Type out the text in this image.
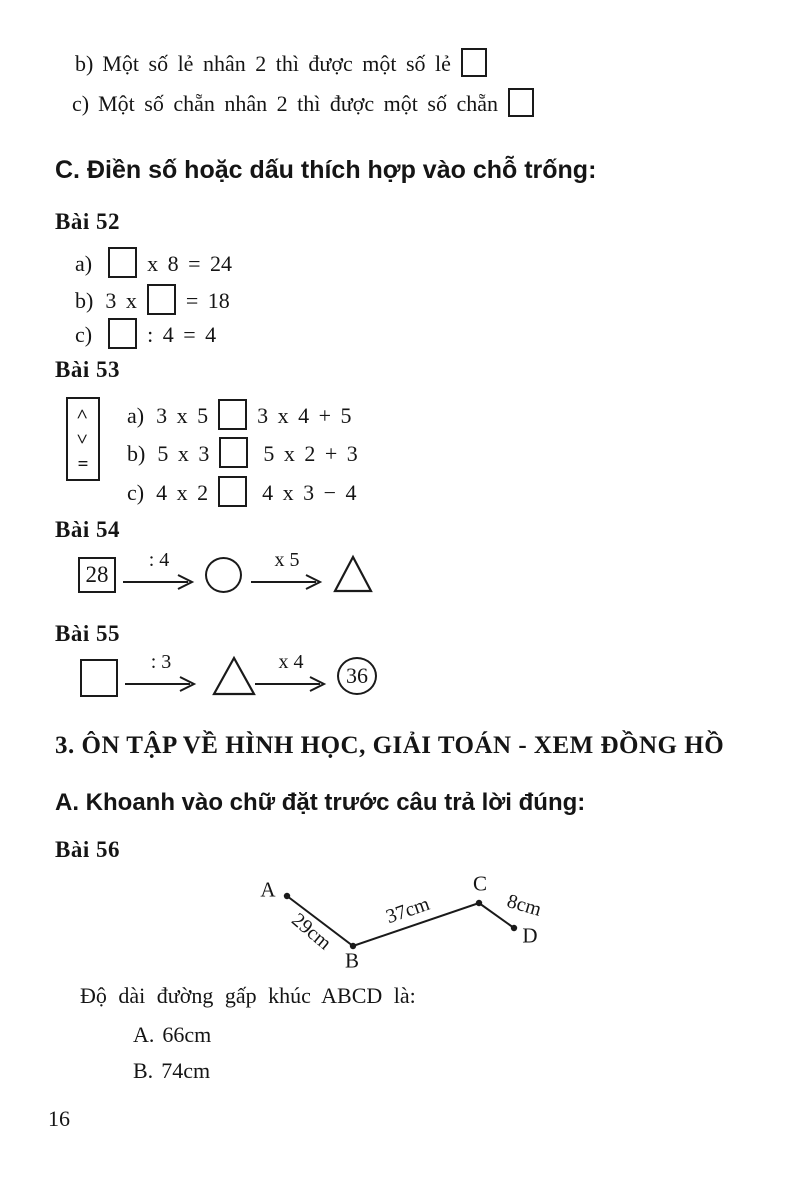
b) Một số lẻ nhân 2 thì được một số lẻ
c) Một số chẵn nhân 2 thì được một số chẵn
C. Điền số hoặc dấu thích hợp vào chỗ trống:
Bài 52
a)	x 8 = 24
b) 3 x = 18
c)	: 4 = 4
Bài 53
>
<
=
a) 3 x 5 3 x 4 + 5
b) 5 x 3 5 x 2 + 3
c) 4 x 2 4 x 3 − 4
Bài 54
28
: 4	x 5
Bài 55
: 3	x 4
36
3. ÔN TẬP VỀ HÌNH HỌC, GIẢI TOÁN - XEM ĐỒNG HỒ
A. Khoanh vào chữ đặt trước câu trả lời đúng:
Bài 56
A
B
C
D
29cm 37cm	8cm
Độ dài đường gấp khúc ABCD là:
A. 66cm
B. 74cm
16
